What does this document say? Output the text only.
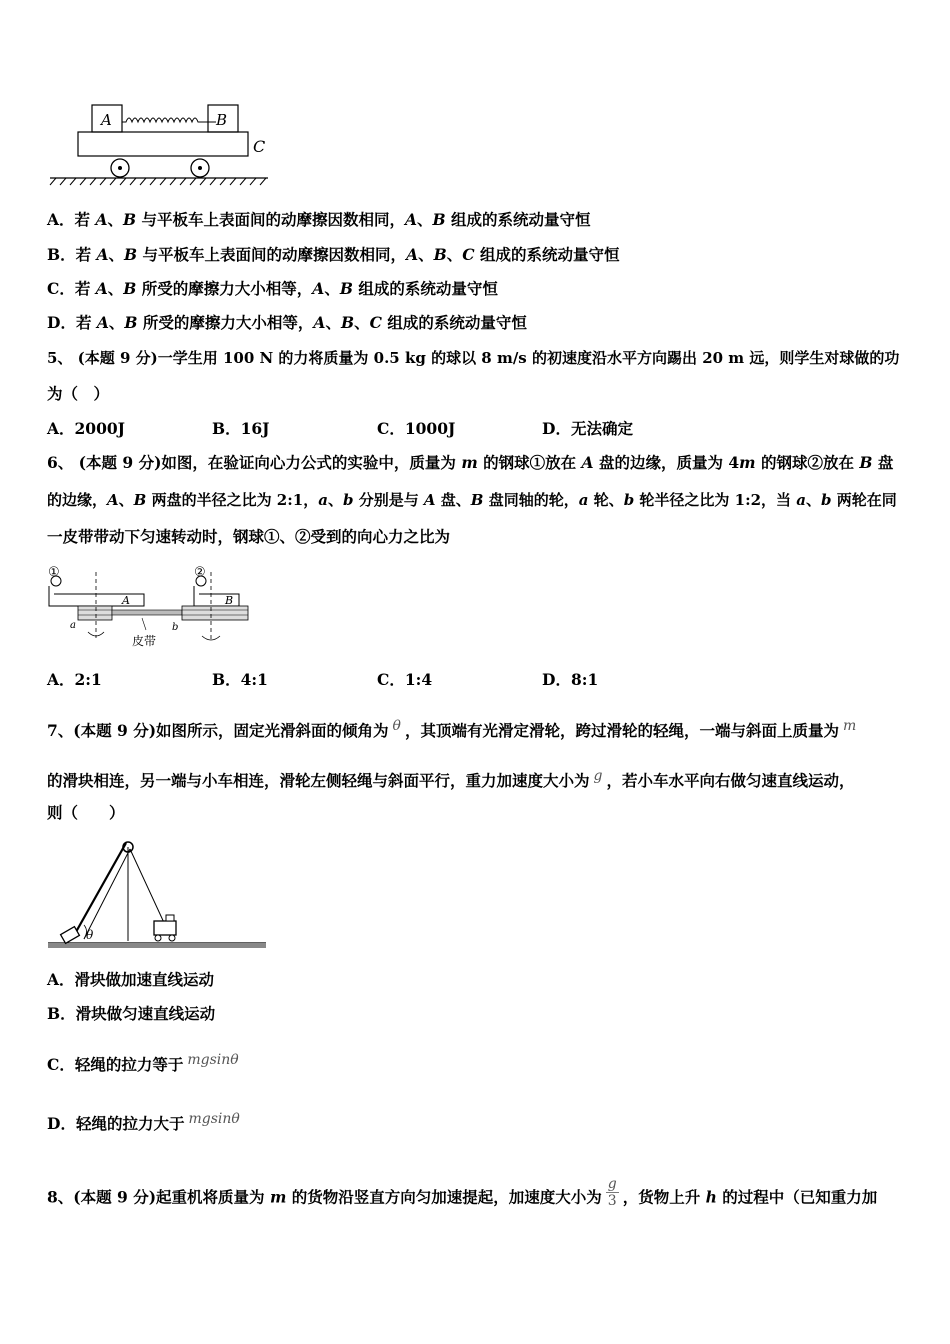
A	B
C
A．若 A、B 与平板车上表面间的动摩擦因数相同，A、B 组成的系统动量守恒
B．若 A、B 与平板车上表面间的动摩擦因数相同，A、B、C 组成的系统动量守恒
C．若 A、B 所受的摩擦力大小相等，A、B 组成的系统动量守恒
D．若 A、B 所受的摩擦力大小相等，A、B、C 组成的系统动量守恒
5、 (本题 9 分)一学生用 100 N 的力将质量为 0.5 kg 的球以 8 m/s 的初速度沿水平方向踢出 20 m 远，则学生对球做的功
为（　）
A．2000J	B．16J	C．1000J	D．无法确定
6、 (本题 9 分)如图，在验证向心力公式的实验中，质量为 m 的钢球①放在 A 盘的边缘，质量为 4m 的钢球②放在 B 盘
的边缘，A、B 两盘的半径之比为 2:1，a、b 分别是与 A 盘、B 盘同轴的轮，a 轮、b 轮半径之比为 1:2，当 a、b 两轮在同
一皮带带动下匀速转动时，钢球①、②受到的向心力之比为
①	②
A	B
a	b
皮带
A．2:1	B．4:1	C．1:4	D．8:1
7、(本题 9 分)如图所示，固定光滑斜面的倾角为 $^\theta$ ，其顶端有光滑定滑轮，跨过滑轮的轻绳，一端与斜面上质量为 $^m$
的滑块相连，另一端与小车相连，滑轮左侧轻绳与斜面平行，重力加速度大小为 $^g$ ，若小车水平向右做匀速直线运动，
则（　　）
θ
A．滑块做加速直线运动
B．滑块做匀速直线运动
C．轻绳的拉力等于 $^{mgsin\theta}$
D．轻绳的拉力大于 $^{mgsin\theta}$
8、(本题 9 分)起重机将质量为 m 的货物沿竖直方向匀加速提起，加速度大小为 $\frac{g}{3}$ ，货物上升 h 的过程中（已知重力加
